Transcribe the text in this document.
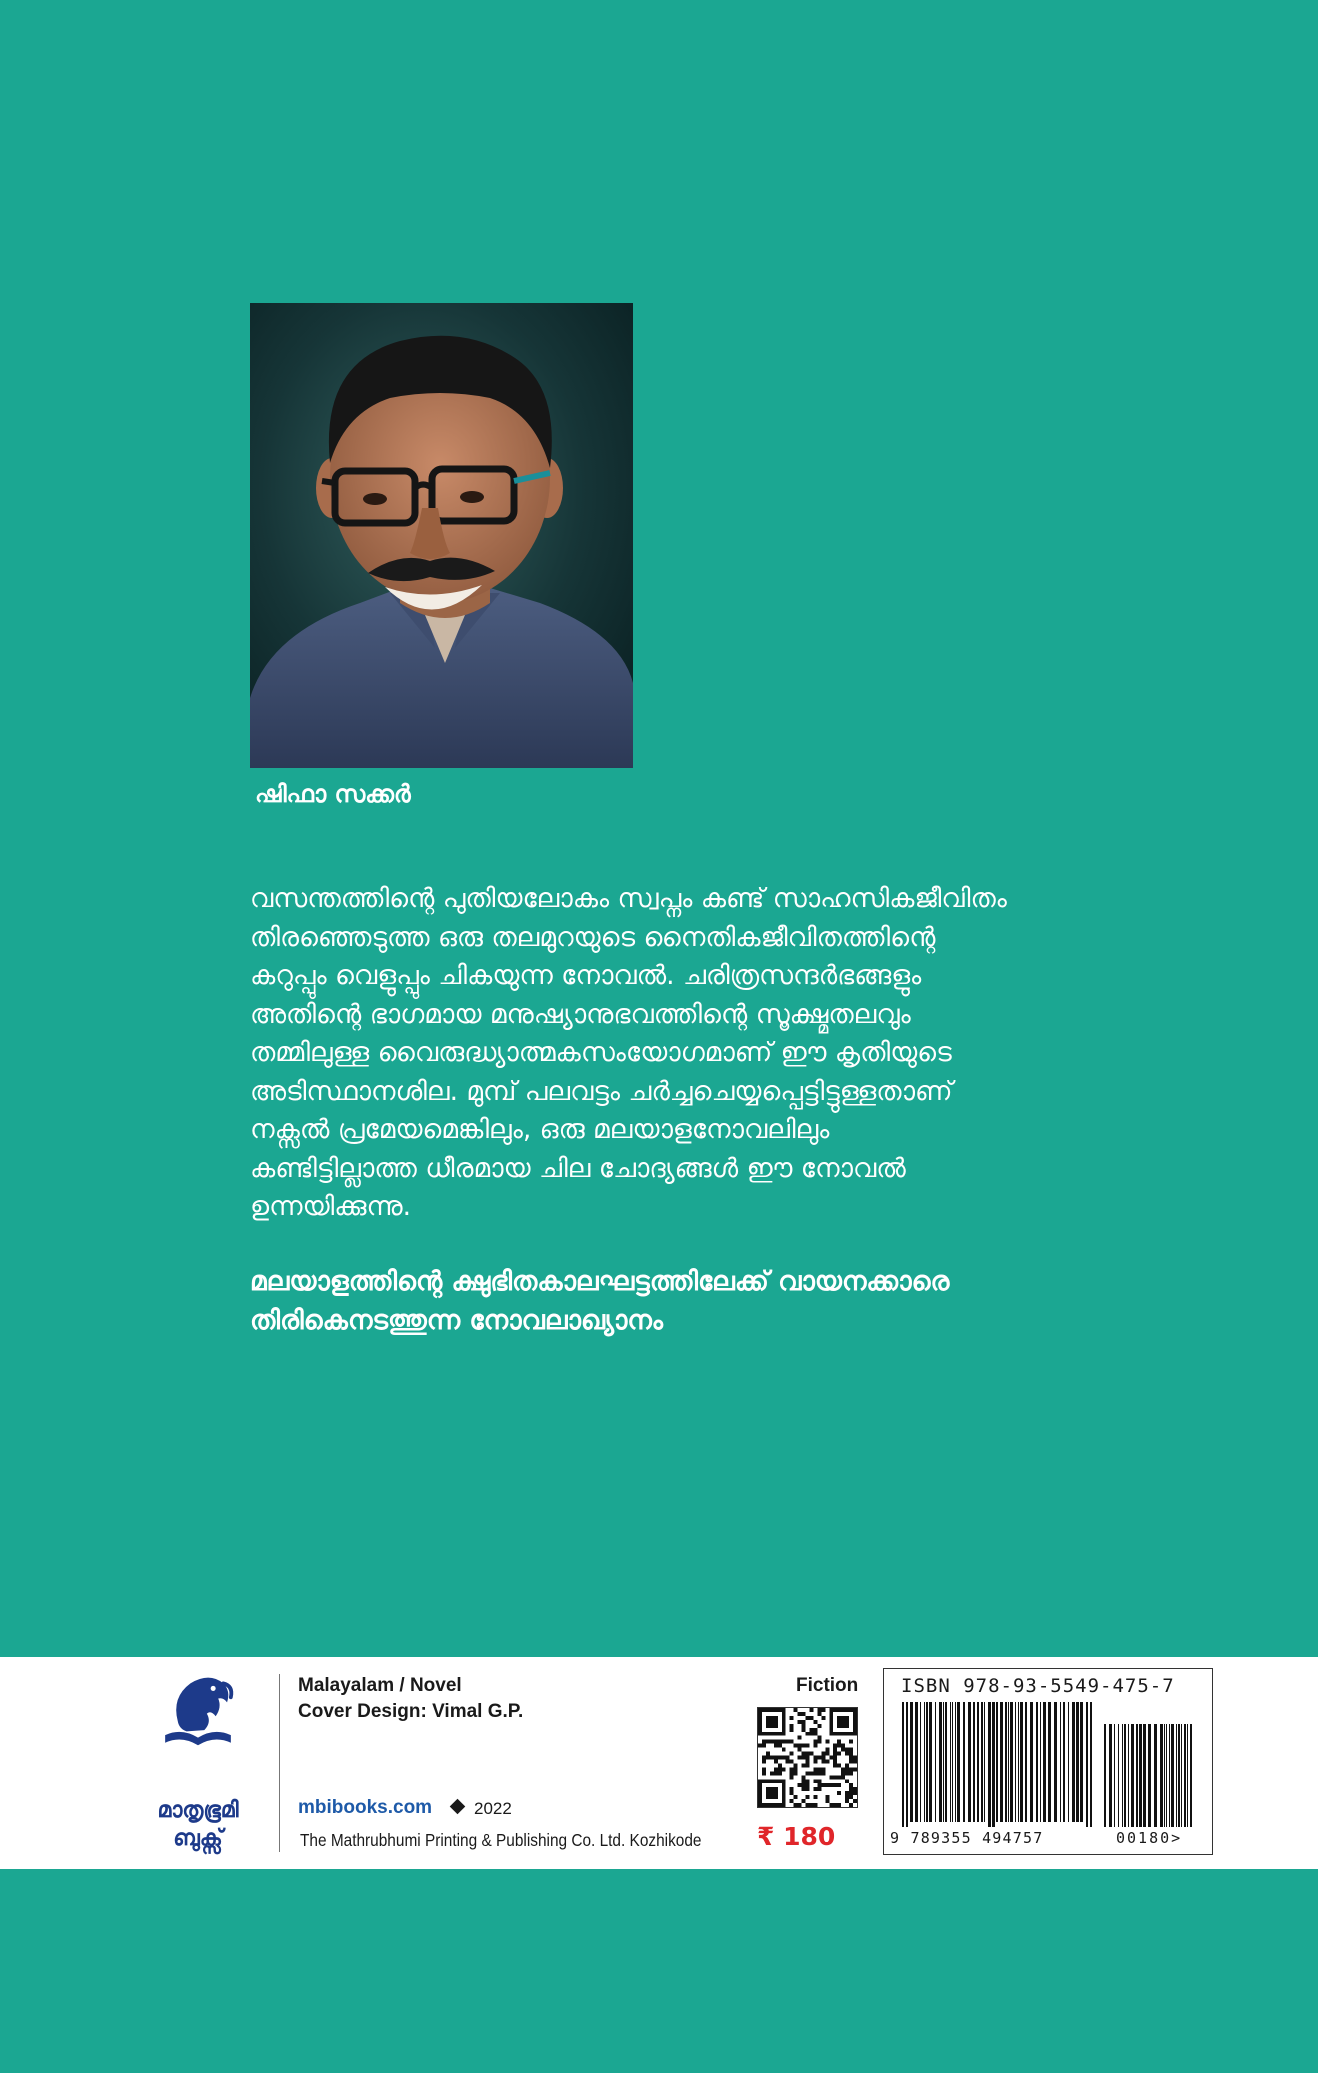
ഷിഫാ സക്കർ

വസന്തത്തിന്റെ പുതിയലോകം സ്വപ്നം കണ്ട് സാഹസികജീവിതം

തിരഞ്ഞെടുത്ത ഒരു തലമുറയുടെ നൈതികജീവിതത്തിന്റെ

കറുപ്പും വെളുപ്പും ചികയുന്ന നോവൽ. ചരിത്രസന്ദർഭങ്ങളും

അതിന്റെ ഭാഗമായ മനുഷ്യാനുഭവത്തിന്റെ സൂക്ഷ്മതലവും

തമ്മിലുള്ള വൈരുദ്ധ്യാത്മകസംയോഗമാണ് ഈ കൃതിയുടെ

അടിസ്ഥാനശില. മുമ്പ് പലവട്ടം ചർച്ചചെയ്യപ്പെട്ടിട്ടുള്ളതാണ്

നക്സൽ പ്രമേയമെങ്കിലും, ഒരു മലയാളനോവലിലും

കണ്ടിട്ടില്ലാത്ത ധീരമായ ചില ചോദ്യങ്ങൾ ഈ നോവൽ

ഉന്നയിക്കുന്നു.

മലയാളത്തിന്റെ ക്ഷുഭിതകാലഘട്ടത്തിലേക്ക് വായനക്കാരെ

തിരികെനടത്തുന്ന നോവലാഖ്യാനം

മാതൃഭൂമി
ബുക്സ്
Malayalam / Novel
Cover Design: Vimal G.P.
mbibooks.com 2022
The Mathrubhumi Printing & Publishing Co. Ltd. Kozhikode
Fiction
₹ 180
ISBN 978-93-5549-475-7
9 789355 494757	00180>
